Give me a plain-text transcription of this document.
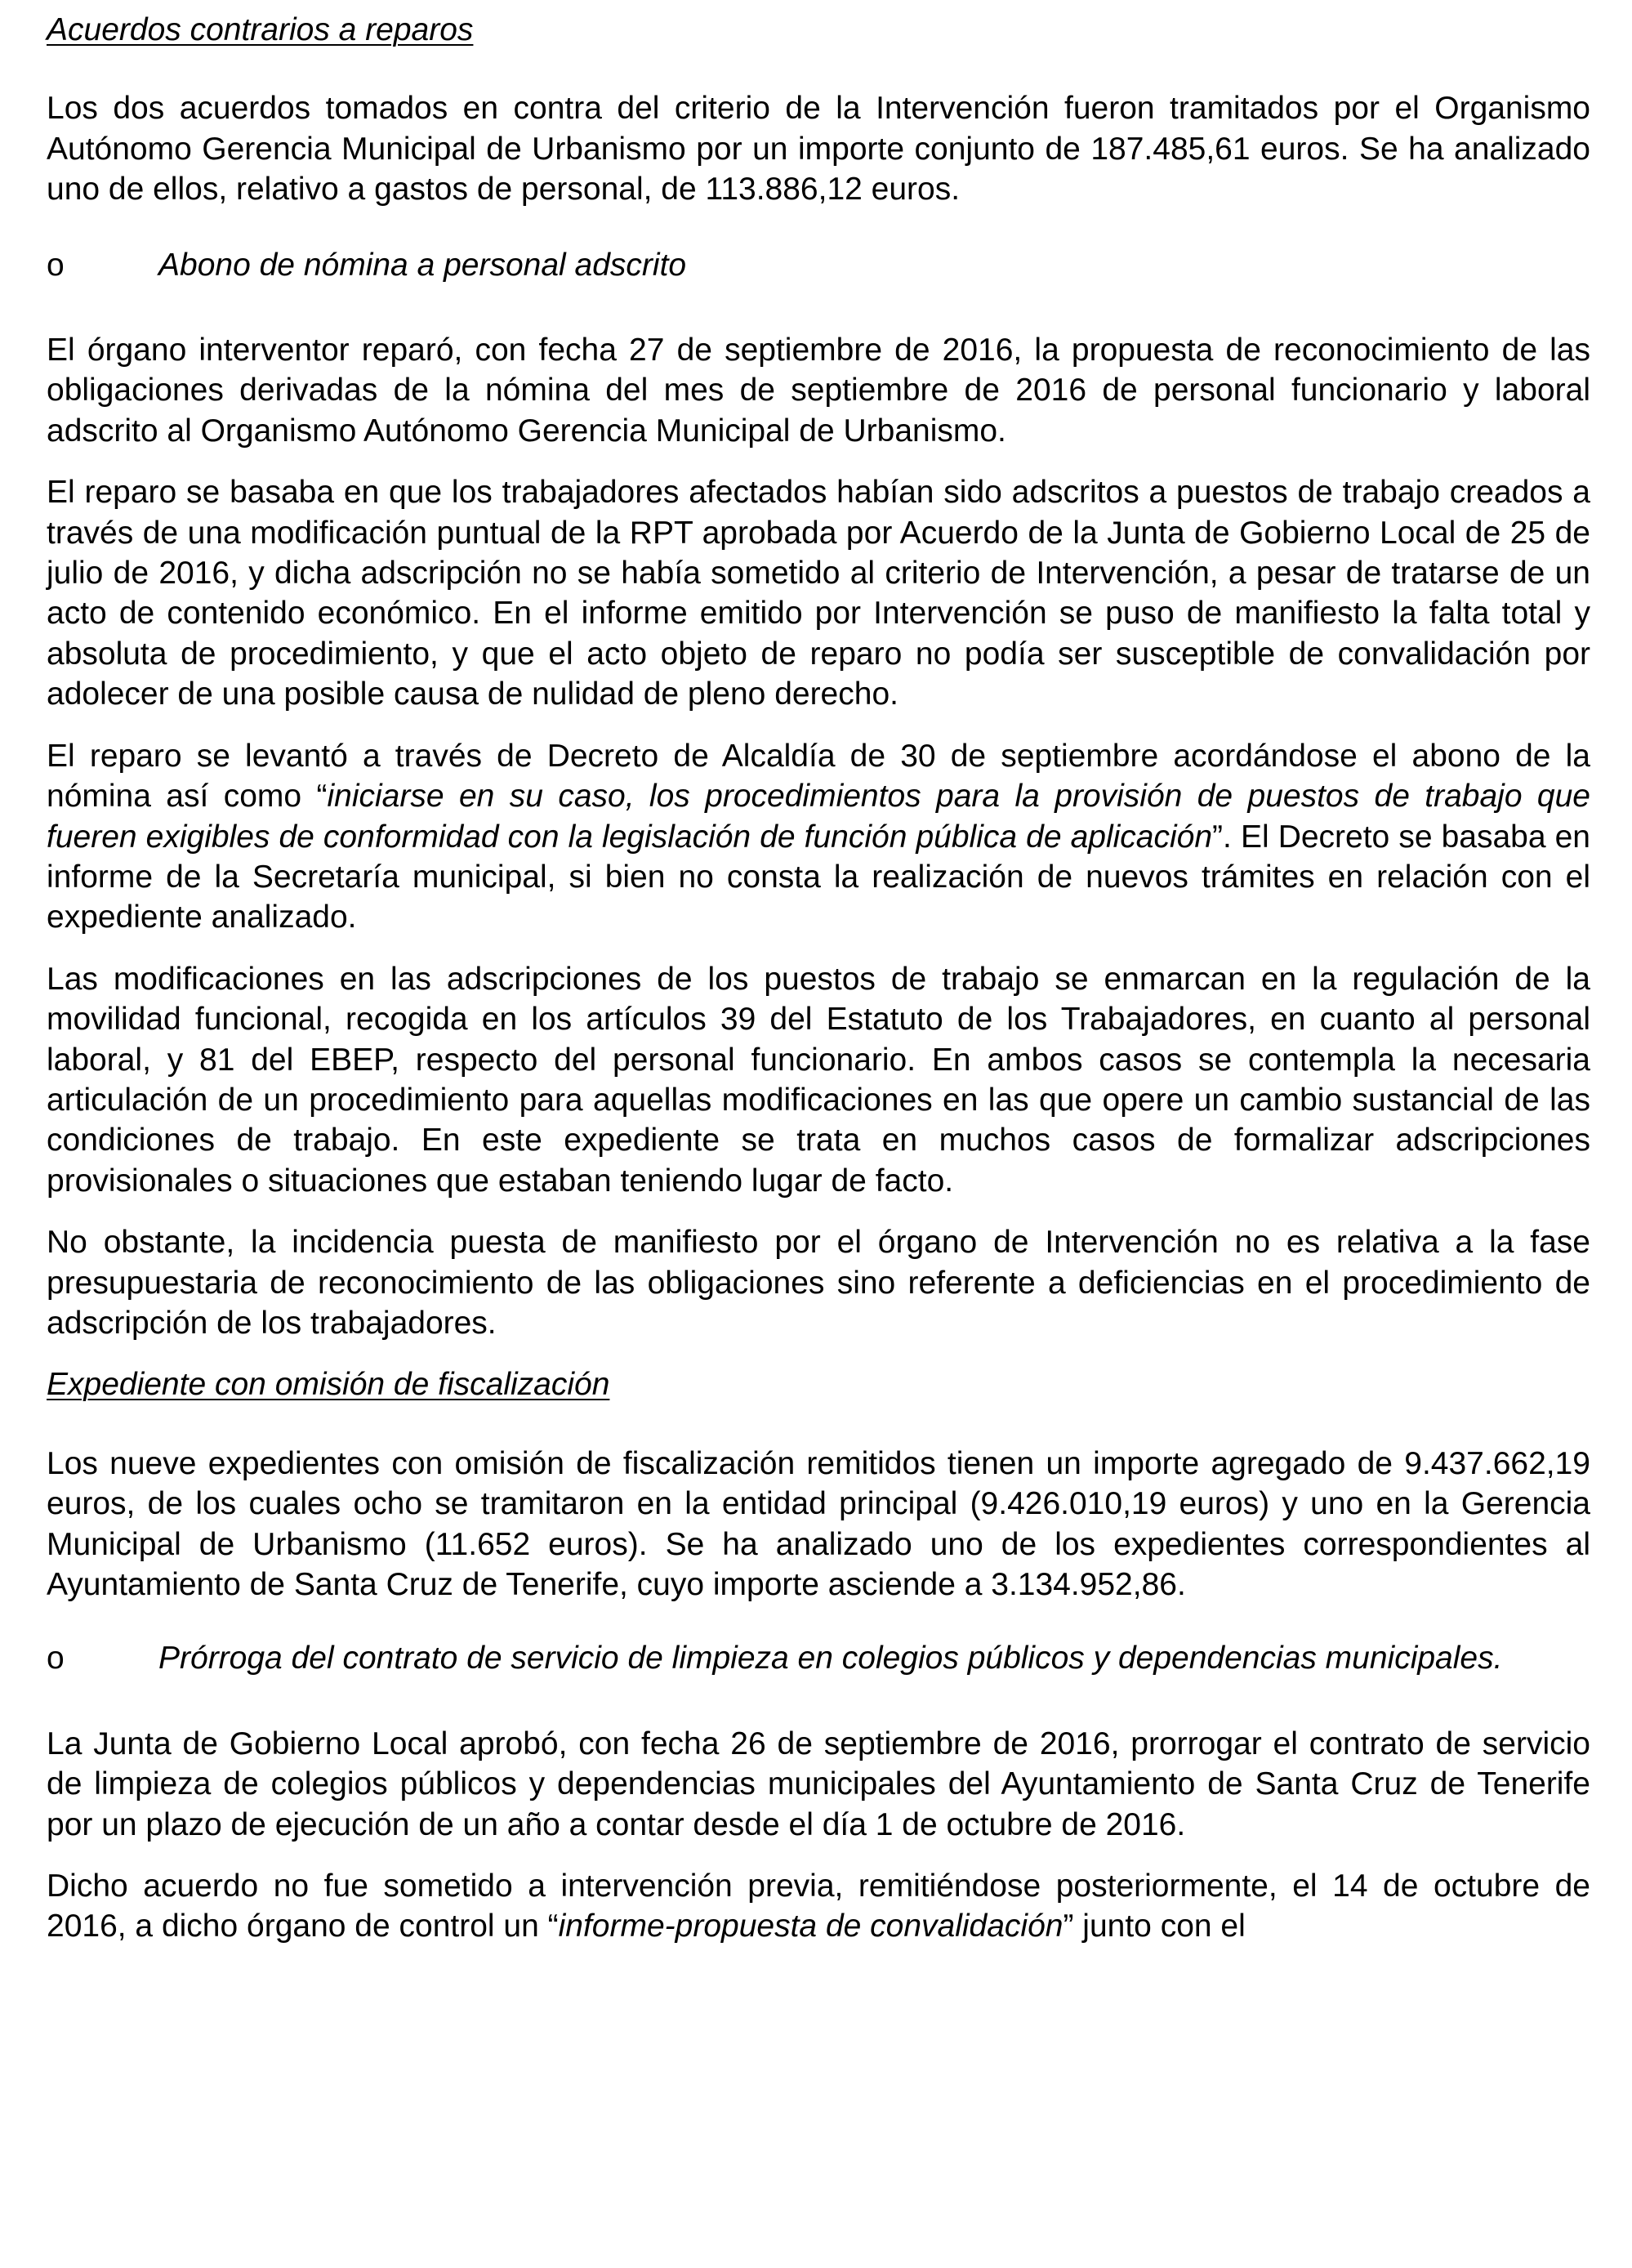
Acuerdos contrarios a reparos

Los dos acuerdos tomados en contra del criterio de la Intervención fueron tramitados por el Organismo Autónomo Gerencia Municipal de Urbanismo por un importe conjunto de 187.485,61 euros. Se ha analizado uno de ellos, relativo a gastos de personal, de 113.886,12 euros.

o	Abono de nómina a personal adscrito

El órgano interventor reparó, con fecha 27 de septiembre de 2016, la propuesta de reconocimiento de las obligaciones derivadas de la nómina del mes de septiembre de 2016 de personal funcionario y laboral adscrito al Organismo Autónomo Gerencia Municipal de Urbanismo.

El reparo se basaba en que los trabajadores afectados habían sido adscritos a puestos de trabajo creados a través de una modificación puntual de la RPT aprobada por Acuerdo de la Junta de Gobierno Local de 25 de julio de 2016, y dicha adscripción no se había sometido al criterio de Intervención, a pesar de tratarse de un acto de contenido económico. En el informe emitido por Intervención se puso de manifiesto la falta total y absoluta de procedimiento, y que el acto objeto de reparo no podía ser susceptible de convalidación por adolecer de una posible causa de nulidad de pleno derecho.

El reparo se levantó a través de Decreto de Alcaldía de 30 de septiembre acordándose el abono de la nómina así como “iniciarse en su caso, los procedimientos para la provisión de puestos de trabajo que fueren exigibles de conformidad con la legislación de función pública de aplicación”. El Decreto se basaba en informe de la Secretaría municipal, si bien no consta la realización de nuevos trámites en relación con el expediente analizado.

Las modificaciones en las adscripciones de los puestos de trabajo se enmarcan en la regulación de la movilidad funcional, recogida en los artículos 39 del Estatuto de los Trabajadores, en cuanto al personal laboral, y 81 del EBEP, respecto del personal funcionario. En ambos casos se contempla la necesaria articulación de un procedimiento para aquellas modificaciones en las que opere un cambio sustancial de las condiciones de trabajo. En este expediente se trata en muchos casos de formalizar adscripciones provisionales o situaciones que estaban teniendo lugar de facto.

No obstante, la incidencia puesta de manifiesto por el órgano de Intervención no es relativa a la fase presupuestaria de reconocimiento de las obligaciones sino referente a deficiencias en el procedimiento de adscripción de los trabajadores.

Expediente con omisión de fiscalización

Los nueve expedientes con omisión de fiscalización remitidos tienen un importe agregado de 9.437.662,19 euros, de los cuales ocho se tramitaron en la entidad principal (9.426.010,19 euros) y uno en la Gerencia Municipal de Urbanismo (11.652 euros). Se ha analizado uno de los expedientes correspondientes al Ayuntamiento de Santa Cruz de Tenerife, cuyo importe asciende a 3.134.952,86.

o	Prórroga del contrato de servicio de limpieza en colegios públicos y dependencias municipales.

La Junta de Gobierno Local aprobó, con fecha 26 de septiembre de 2016, prorrogar el contrato de servicio de limpieza de colegios públicos y dependencias municipales del Ayuntamiento de Santa Cruz de Tenerife por un plazo de ejecución de un año a contar desde el día 1 de octubre de 2016.

Dicho acuerdo no fue sometido a intervención previa, remitiéndose posteriormente, el 14 de octubre de 2016, a dicho órgano de control un “informe-propuesta de convalidación” junto con el
